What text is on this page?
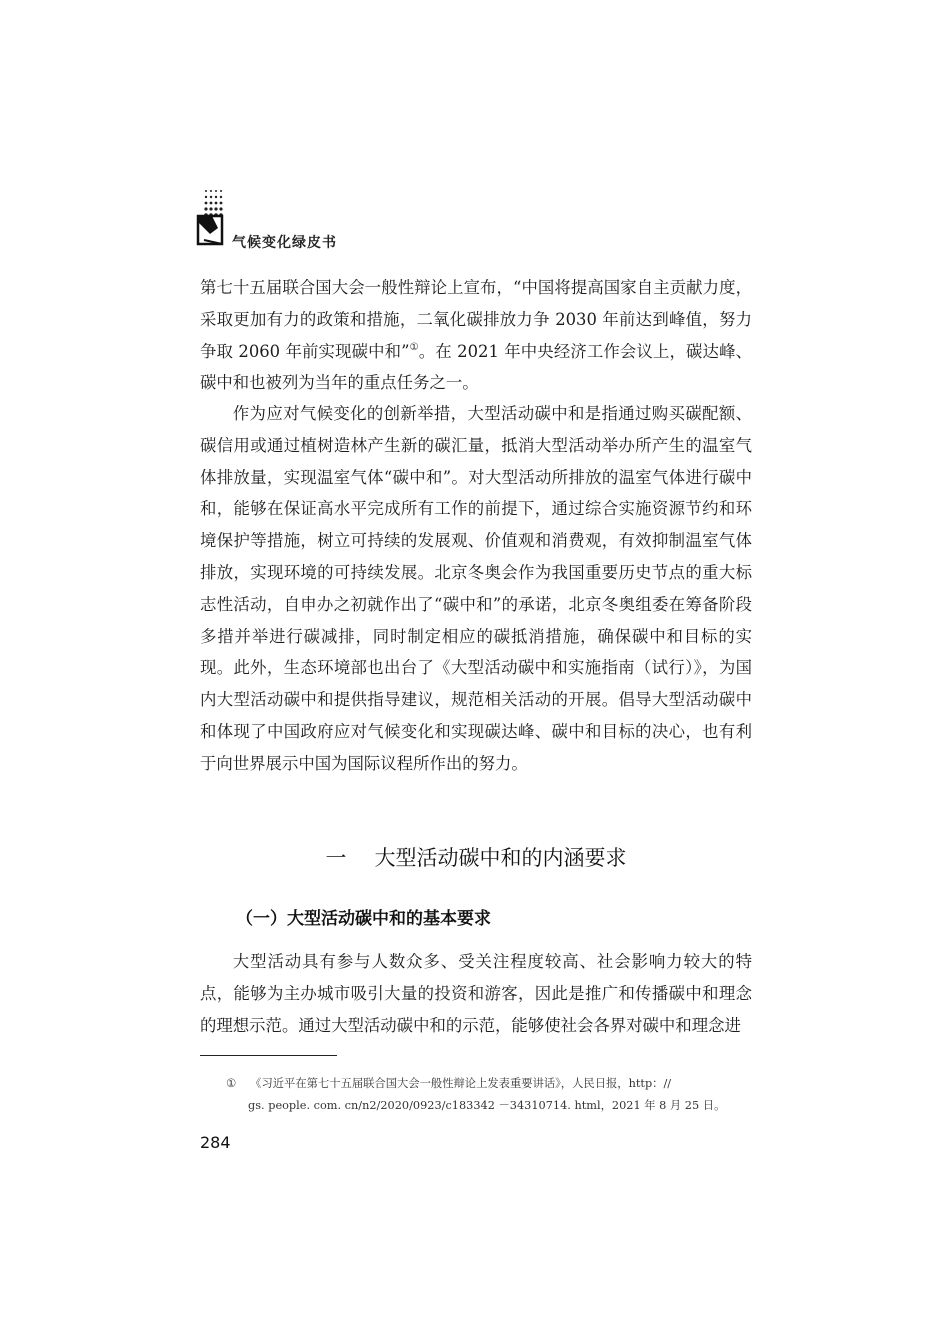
气候变化绿皮书

第七十五届联合国大会一般性辩论上宣布，“中国将提高国家自主贡献力度，采取更加有力的政策和措施，二氧化碳排放力争 2030 年前达到峰值，努力争取 2060 年前实现碳中和”①。在 2021 年中央经济工作会议上，碳达峰、碳中和也被列为当年的重点任务之一。

作为应对气候变化的创新举措，大型活动碳中和是指通过购买碳配额、碳信用或通过植树造林产生新的碳汇量，抵消大型活动举办所产生的温室气体排放量，实现温室气体“碳中和”。对大型活动所排放的温室气体进行碳中和，能够在保证高水平完成所有工作的前提下，通过综合实施资源节约和环境保护等措施，树立可持续的发展观、价值观和消费观，有效抑制温室气体排放，实现环境的可持续发展。北京冬奥会作为我国重要历史节点的重大标志性活动，自申办之初就作出了“碳中和”的承诺，北京冬奥组委在筹备阶段多措并举进行碳减排，同时制定相应的碳抵消措施，确保碳中和目标的实现。此外，生态环境部也出台了《大型活动碳中和实施指南（试行）》，为国内大型活动碳中和提供指导建议，规范相关活动的开展。倡导大型活动碳中和体现了中国政府应对气候变化和实现碳达峰、碳中和目标的决心，也有利于向世界展示中国为国际议程所作出的努力。

一 大型活动碳中和的内涵要求
（一）大型活动碳中和的基本要求

大型活动具有参与人数众多、受关注程度较高、社会影响力较大的特点，能够为主办城市吸引大量的投资和游客，因此是推广和传播碳中和理念的理想示范。通过大型活动碳中和的示范，能够使社会各界对碳中和理念进

① 《习近平在第七十五届联合国大会一般性辩论上发表重要讲话》，人民日报，http：//
gs. people. com. cn/n2/2020/0923/c183342 －34310714. html，2021 年 8 月 25 日。
284
